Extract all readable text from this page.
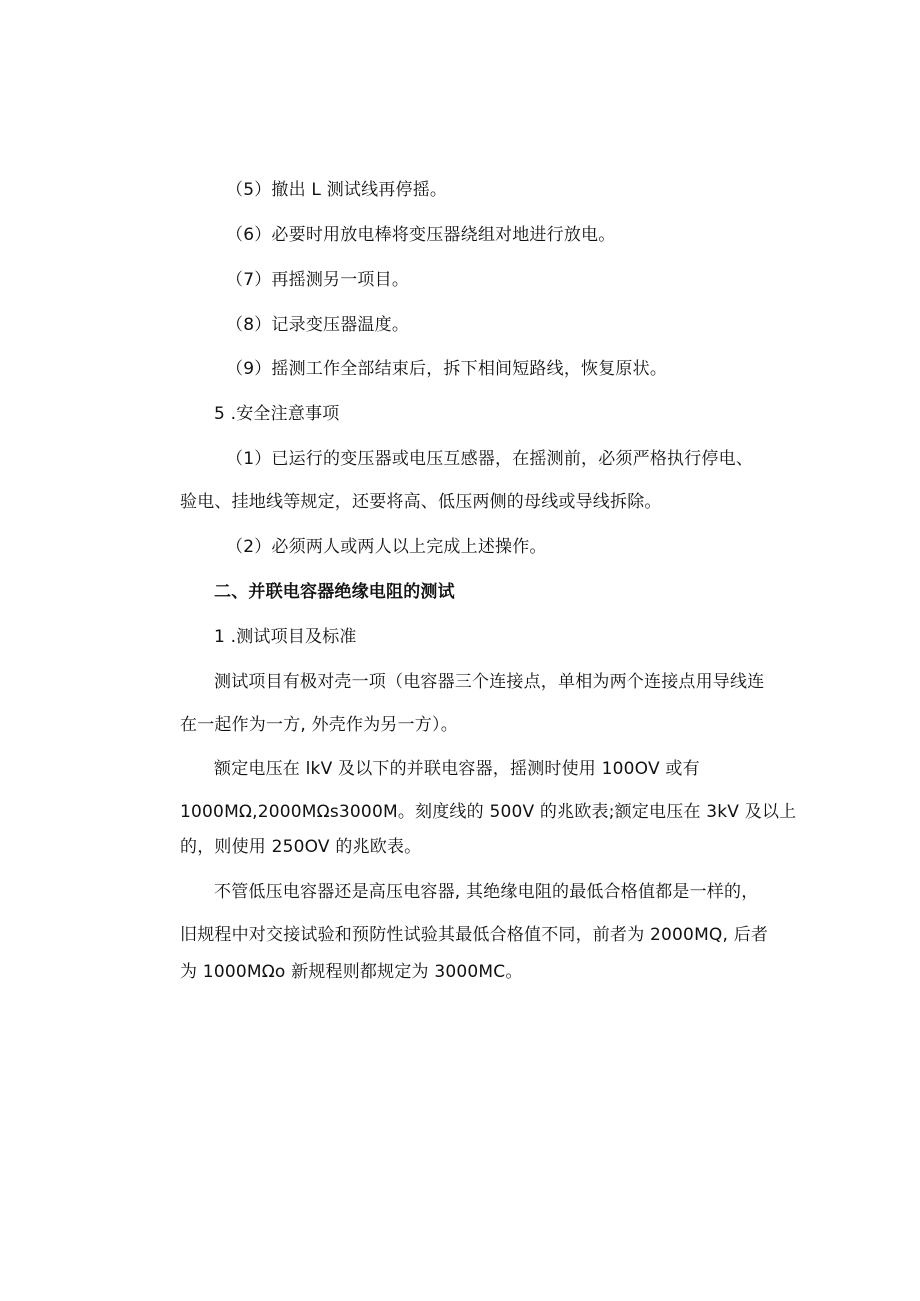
（5）撤出 L 测试线再停摇。
（6）必要时用放电棒将变压器绕组对地进行放电。
（7）再摇测另一项目。
（8）记录变压器温度。
（9）摇测工作全部结束后，拆下相间短路线，恢复原状。
5 .安全注意事项
（1）已运行的变压器或电压互感器，在摇测前，必须严格执行停电、
验电、挂地线等规定，还要将高、低压两侧的母线或导线拆除。
（2）必须两人或两人以上完成上述操作。
二、并联电容器绝缘电阻的测试
1 .测试项目及标准
测试项目有极对壳一项（电容器三个连接点，单相为两个连接点用导线连
在一起作为一方, 外壳作为另一方）。
额定电压在 lkV 及以下的并联电容器，摇测时使用 100OV 或有
1000MΩ,2000MΩs3000M。刻度线的 500V 的兆欧表;额定电压在 3kV 及以上
的，则使用 250OV 的兆欧表。
不管低压电容器还是高压电容器, 其绝缘电阻的最低合格值都是一样的，
旧规程中对交接试验和预防性试验其最低合格值不同，前者为 2000MQ, 后者
为 1000MΩo 新规程则都规定为 3000MC。
